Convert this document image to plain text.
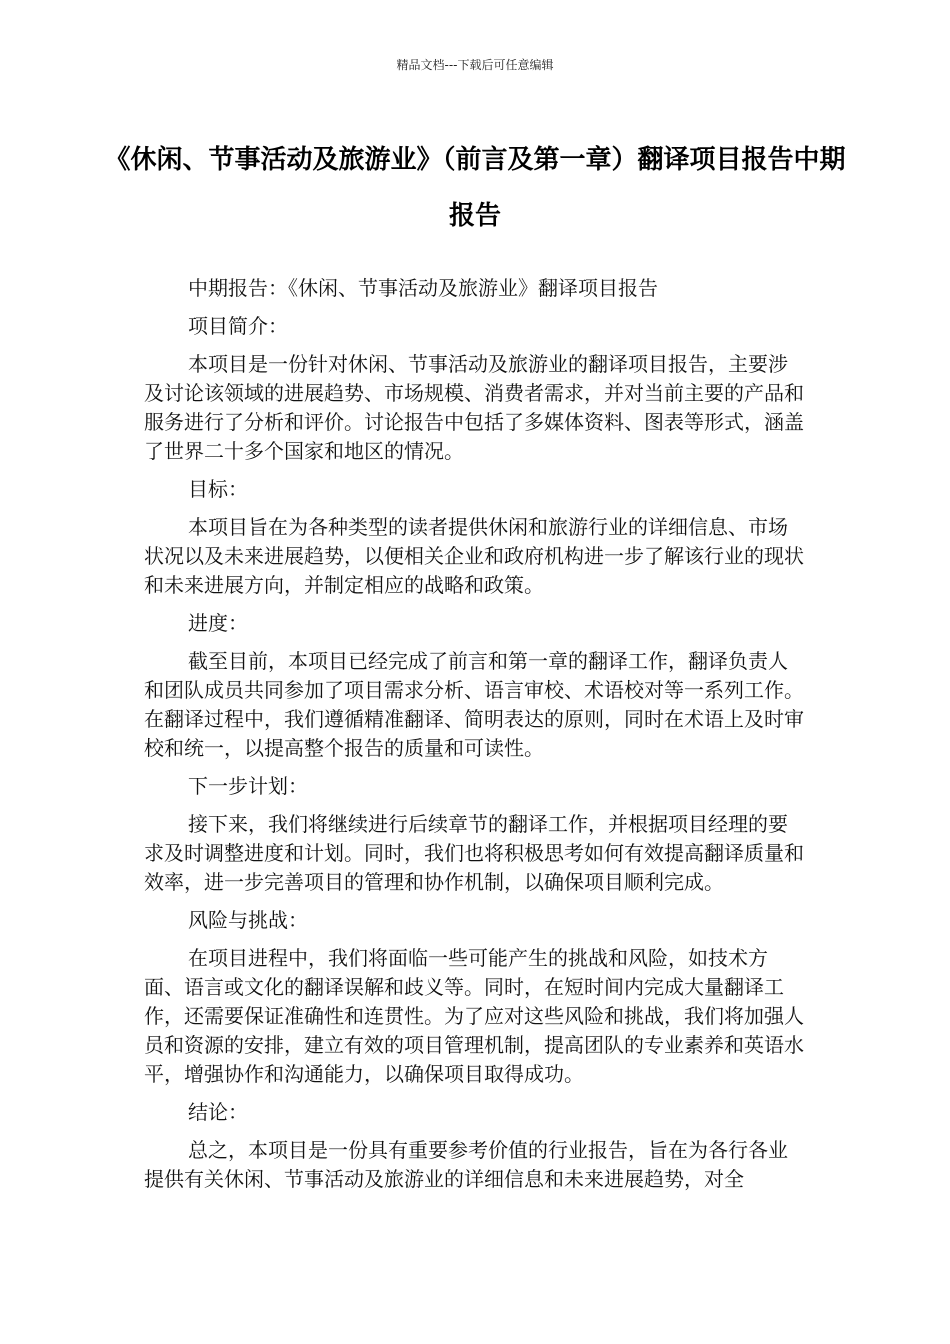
精品文档---下载后可任意编辑
《休闲、节事活动及旅游业》（前言及第一章）翻译项目报告中期报告

中期报告：《休闲、节事活动及旅游业》翻译项目报告

项目简介：

本项目是一份针对休闲、节事活动及旅游业的翻译项目报告，主要涉及讨论该领域的进展趋势、市场规模、消费者需求，并对当前主要的产品和服务进行了分析和评价。讨论报告中包括了多媒体资料、图表等形式，涵盖了世界二十多个国家和地区的情况。

目标：

本项目旨在为各种类型的读者提供休闲和旅游行业的详细信息、市场状况以及未来进展趋势，以便相关企业和政府机构进一步了解该行业的现状和未来进展方向，并制定相应的战略和政策。

进度：

截至目前，本项目已经完成了前言和第一章的翻译工作，翻译负责人和团队成员共同参加了项目需求分析、语言审校、术语校对等一系列工作。在翻译过程中，我们遵循精准翻译、简明表达的原则，同时在术语上及时审校和统一，以提高整个报告的质量和可读性。

下一步计划：

接下来，我们将继续进行后续章节的翻译工作，并根据项目经理的要求及时调整进度和计划。同时，我们也将积极思考如何有效提高翻译质量和效率，进一步完善项目的管理和协作机制，以确保项目顺利完成。

风险与挑战：

在项目进程中，我们将面临一些可能产生的挑战和风险，如技术方面、语言或文化的翻译误解和歧义等。同时，在短时间内完成大量翻译工作，还需要保证准确性和连贯性。为了应对这些风险和挑战，我们将加强人员和资源的安排，建立有效的项目管理机制，提高团队的专业素养和英语水平，增强协作和沟通能力，以确保项目取得成功。

结论：

总之，本项目是一份具有重要参考价值的行业报告，旨在为各行各业提供有关休闲、节事活动及旅游业的详细信息和未来进展趋势，对全
